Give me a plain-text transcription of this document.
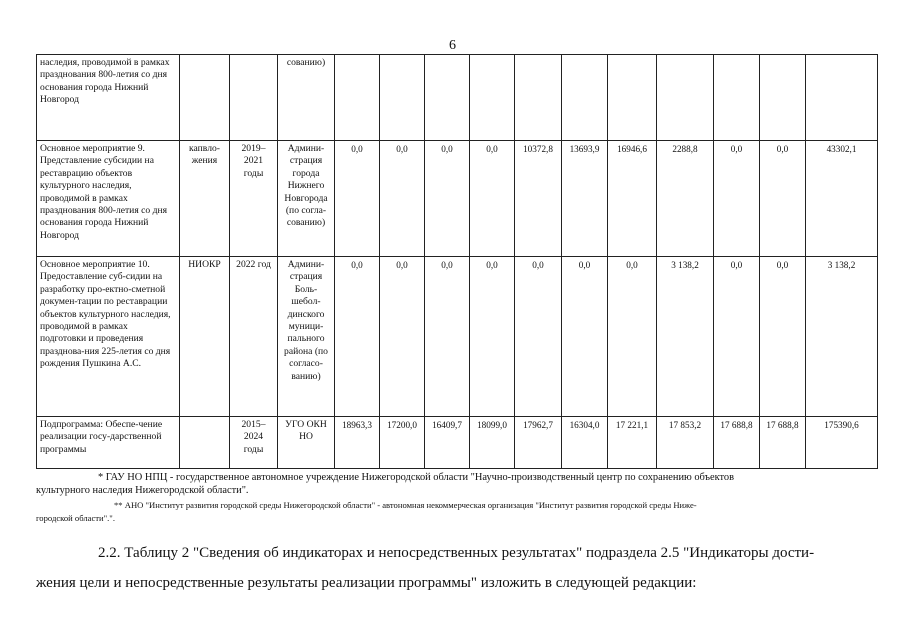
6
наследия, проводимой в рамках празднования 800-летия со дня основания города Нижний Новгород			сованию)											
Основное мероприятие 9. Представление субсидии на реставрацию объектов культурного наследия, проводимой в рамках празднования 800-летия со дня основания города Нижний Новгород	капвло-жения	2019–2021 годы	Админи-страция города Нижнего Новгорода (по согла-сованию)	0,0	0,0	0,0	0,0	10372,8	13693,9	16946,6	2288,8	0,0	0,0	43302,1
Основное мероприятие 10. Предоставление суб-сидии на разработку про-ектно-сметной докумен-тации по реставрации объектов культурного наследия, проводимой в рамках подготовки и проведения празднова-ния 225-летия со дня рождения Пушкина А.С.	НИОКР	2022 год	Админи-страция Боль-шебол-динского муници-пального района (по согласо-ванию)	0,0	0,0	0,0	0,0	0,0	0,0	0,0	3 138,2	0,0	0,0	3 138,2
Подпрограмма: Обеспе-чение реализации госу-дарственной программы		2015–2024 годы	УГО ОКН НО	18963,3	17200,0	16409,7	18099,0	17962,7	16304,0	17 221,1	17 853,2	17 688,8	17 688,8	175390,6
* ГАУ НО НПЦ - государственное автономное учреждение Нижегородской области "Научно-производственный центр по сохранению объектов
культурного наследия Нижегородской области".
** АНО "Институт развития городской среды Нижегородской области" - автономная некоммерческая организация "Институт развития городской среды Ниже-
городской области".".
2.2. Таблицу 2 "Сведения об индикаторах и непосредственных результатах" подраздела 2.5 "Индикаторы дости-
жения цели и непосредственные результаты реализации программы" изложить в следующей редакции:
